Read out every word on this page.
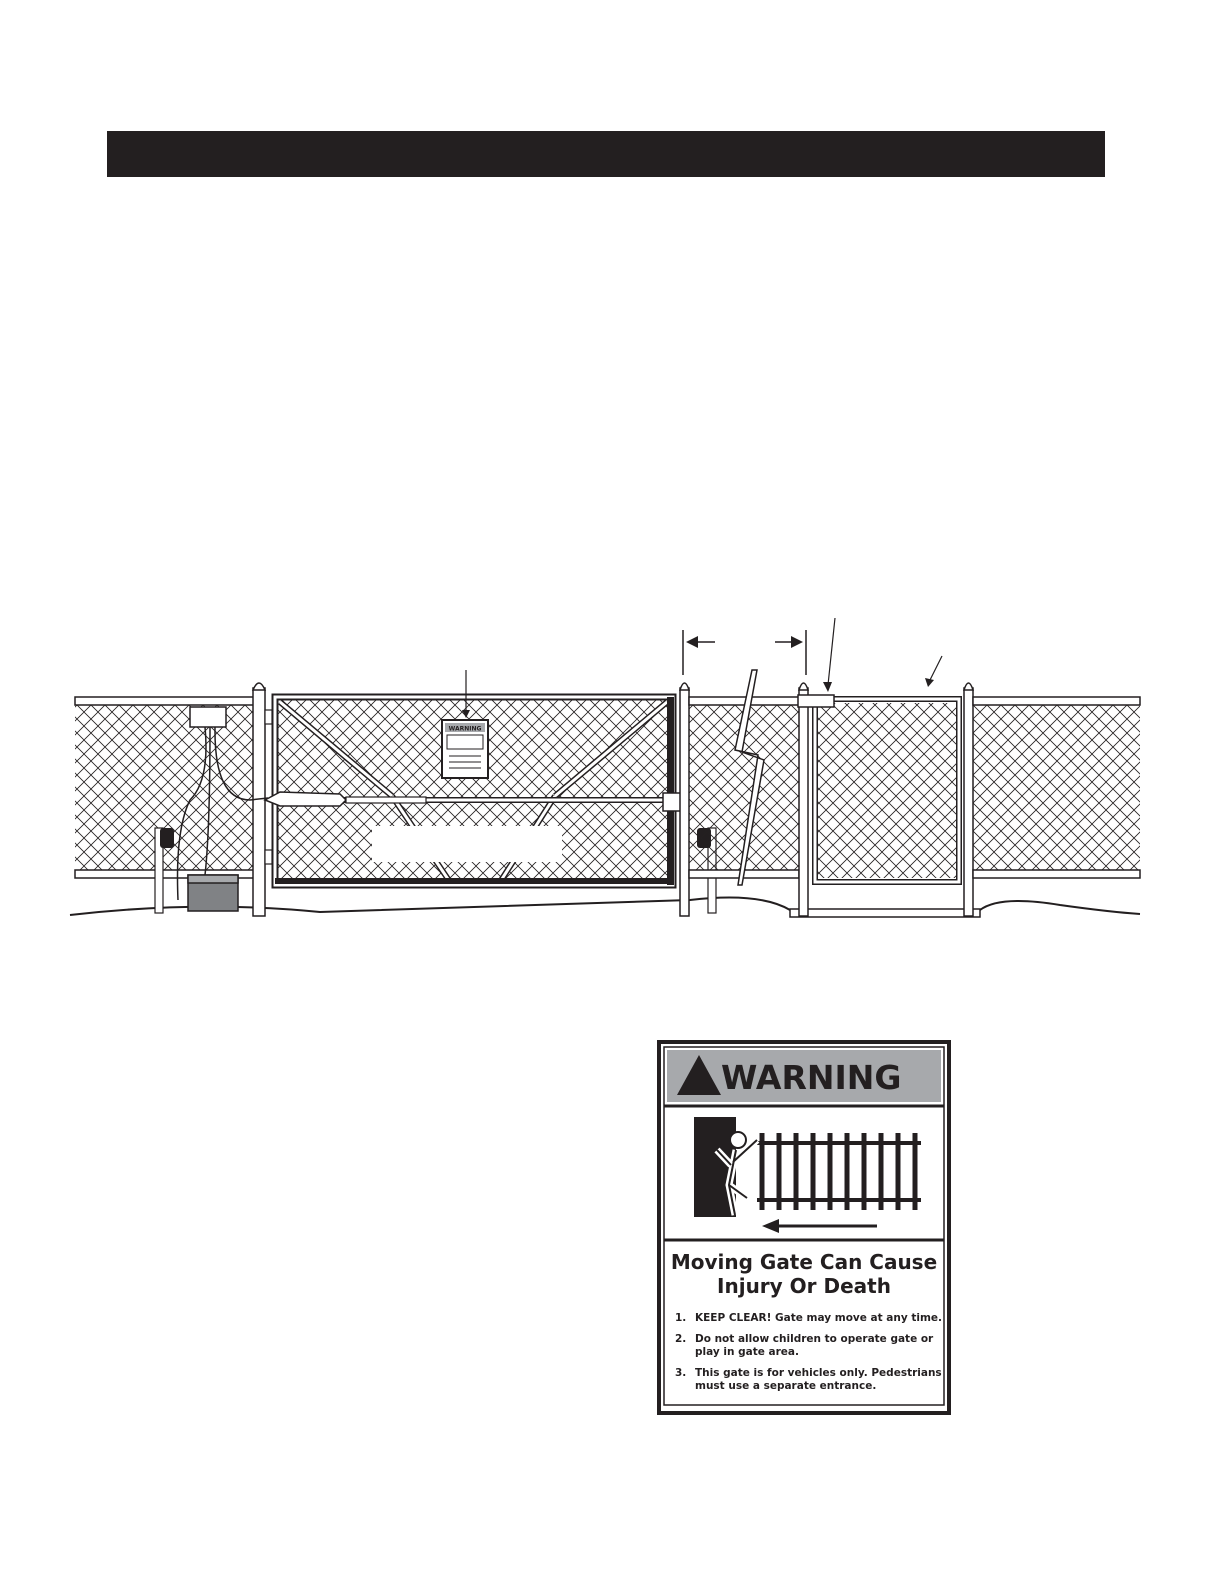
WARNING
WARNING
Moving Gate Can Cause
Injury Or Death
1. KEEP CLEAR! Gate may move at any time.
2. Do not allow children to operate gate or play in gate area.
3. This gate is for vehicles only. Pedestrians must use a separate entrance.
